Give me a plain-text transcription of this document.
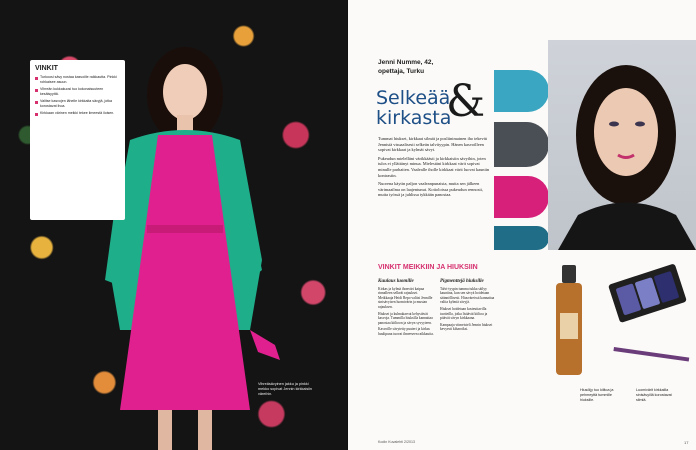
VINKIT
Turkoosi sävy nostaa kasvoille raikkautta. Pinkki rohkaisee asuun.
Vihreän kukkakuosi tuo kokonaisuuteen kesäisyyttä.
Valitse kasvojen lähelle kirkkaita sävyjä, jotka korostavat ihoa.
Kirkkaan värinen meikki tekee ilmeestä iloisen.
Vihreäsävyinen jakku ja pinkki mekko sopivat Jennin kirkkaisiin väreihin.
Jenni Numme, 42,
opettaja, Turku
Selkeää
kirkasta
&

Tummat hiukset, kirkkaat silmät ja posliinimainen iho tekevät Jennistä visuaalisesti selkeän talvityypin. Hänen kasvoilleen sopivat kirkkaat ja kylmät sävyt.

Pukeudun mielelläni värikkäästi ja kirkkaisiin sävyihin, joten tulos ei yllättänyt minua. Mielestäni kirkkaat värit sopivat minulle parhaiten. Vaalealle iholle kirkkaat värit luovat kauniin kontrastin.

Nuorena käytin paljon vaaleanpunaista, mutta sen jälkeen värimaailma on laajentunut. Kotioloissa pukeudun rennosti, mutta työssä ja juhlissa tykkään panostaa.

VINKIT MEIKKIIN JA HIUKSIIN
Kuulaus luomille

Kirkas ja kylmä ihonväri kaipaa rinnalleen selkeät rajaukset. Meikkaaja Heidi Repo valitsi Jennille sinisävyisen luomivärin ja mustan rajauksen.

Hiukset ja kulmakarvat kehystävät kasvoja. Tummilla hiuksilla kannattaa panostaa kiiltoon ja sävyn syvyyteen.

Kasvoille sävytetty puuteri ja kirkas huulipuna tuovat ilmeeseen raikkautta.

Pigmenttejä hiuksille

Talvi-tyypin tumma tukka säilyy kauniina, kun sen sävyä hoidetaan säännöllisesti. Hiusväreissä kannattaa valita kylmiä sävyjä.

Hiukset hoidetaan kosteuttavilla tuotteilla, jotka lisäävät kiiltoa ja pitävät sävyn kirkkaana.

Kampaaja viimeisteli Jennin hiukset kevyesti kiharoiksi.

Hiusöljy tuo kiiltoa ja pehmeyttä tummille hiuksille.
Luomivärit kirkkailla sinisävyillä korostavat silmiä.
Kodin Kuvalehti 2/2013	17
